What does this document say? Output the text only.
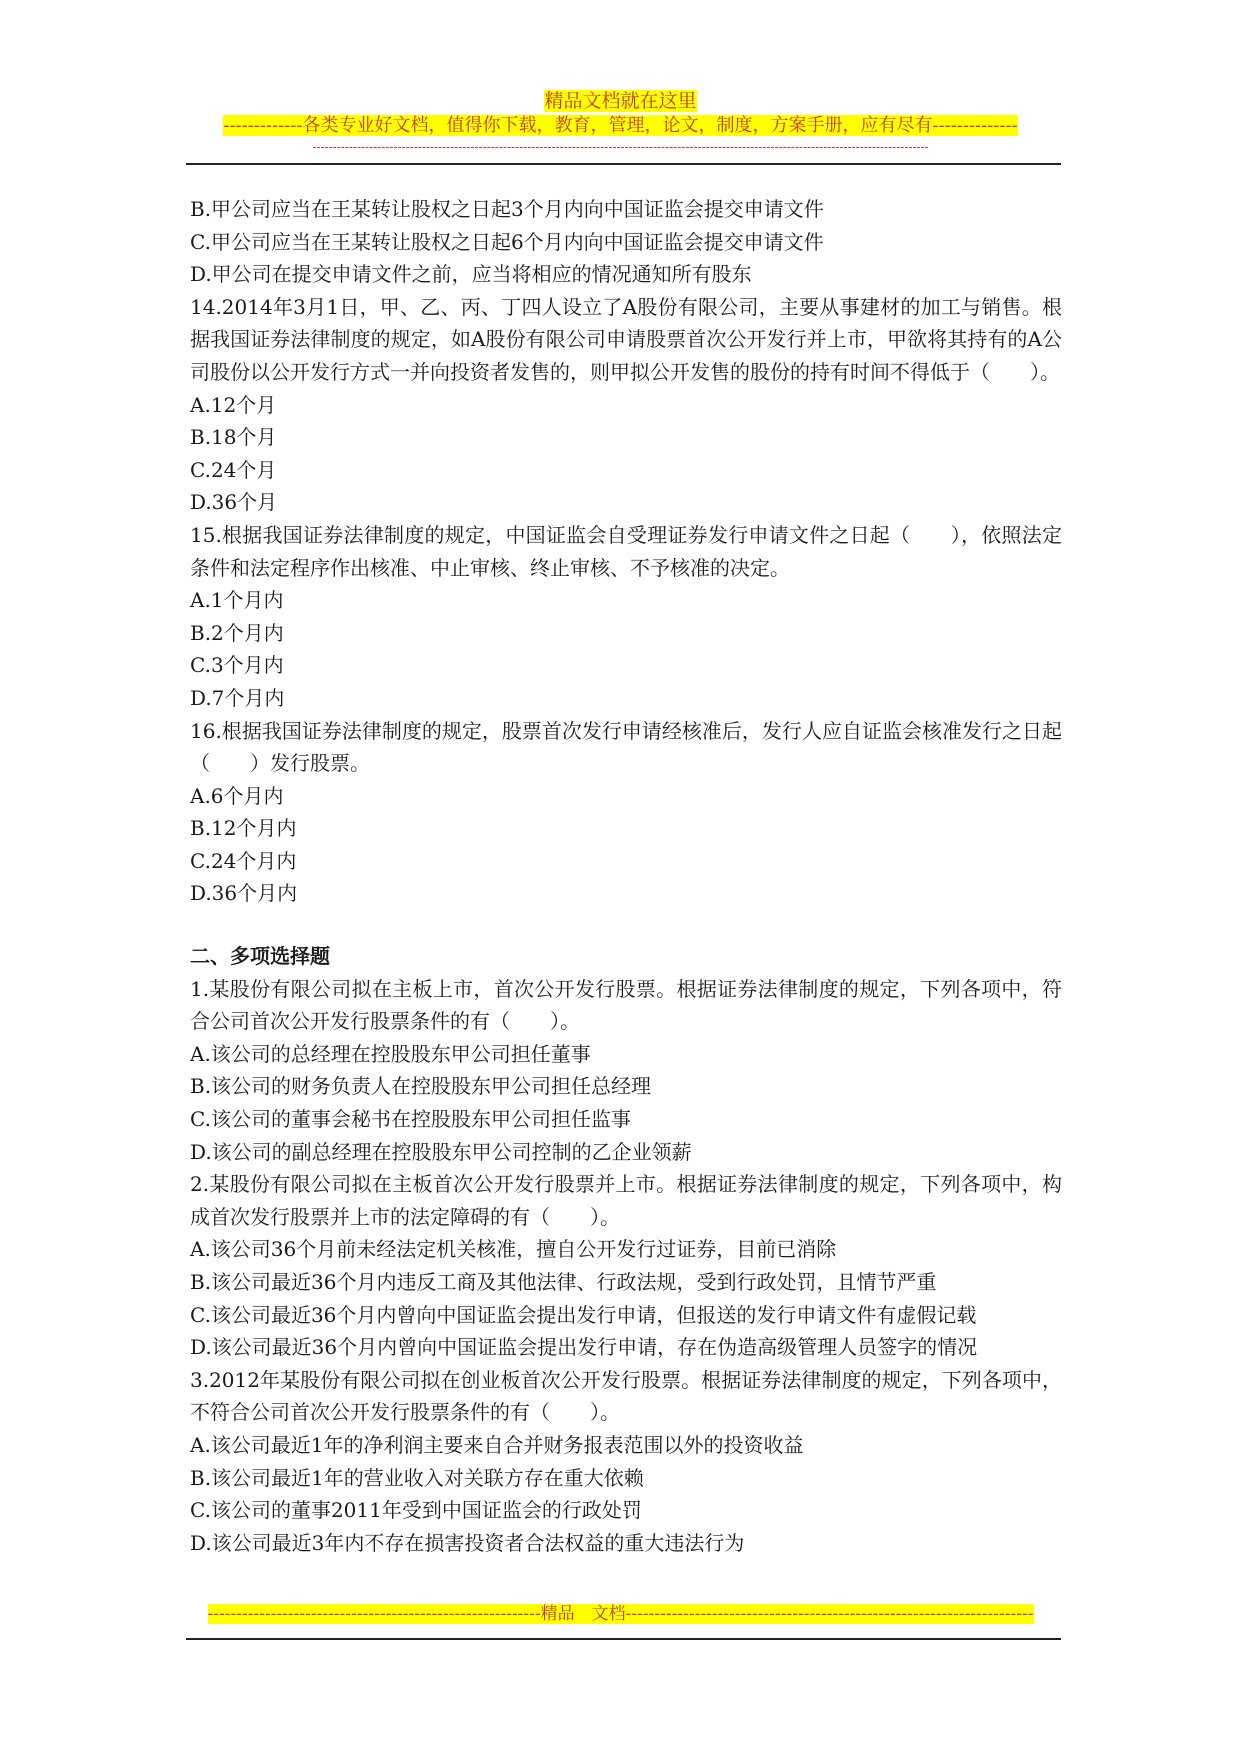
精品文档就在这里
-------------各类专业好文档，值得你下载，教育，管理，论文，制度，方案手册，应有尽有--------------
--------------------------------------------------------------------------------------------------------------------------------------------------------

B.甲公司应当在王某转让股权之日起3个月内向中国证监会提交申请文件

C.甲公司应当在王某转让股权之日起6个月内向中国证监会提交申请文件

D.甲公司在提交申请文件之前，应当将相应的情况通知所有股东

14.2014年3月1日，甲、乙、丙、丁四人设立了A股份有限公司，主要从事建材的加工与销售。根据我国证券法律制度的规定，如A股份有限公司申请股票首次公开发行并上市，甲欲将其持有的A公司股份以公开发行方式一并向投资者发售的，则甲拟公开发售的股份的持有时间不得低于（　　）。

A.12个月

B.18个月

C.24个月

D.36个月

15.根据我国证券法律制度的规定，中国证监会自受理证券发行申请文件之日起（　　），依照法定条件和法定程序作出核准、中止审核、终止审核、不予核准的决定。

A.1个月内

B.2个月内

C.3个月内

D.7个月内

16.根据我国证券法律制度的规定，股票首次发行申请经核准后，发行人应自证监会核准发行之日起（　　）发行股票。

A.6个月内

B.12个月内

C.24个月内

D.36个月内

二、多项选择题

1.某股份有限公司拟在主板上市，首次公开发行股票。根据证券法律制度的规定，下列各项中，符合公司首次公开发行股票条件的有（　　）。

A.该公司的总经理在控股股东甲公司担任董事

B.该公司的财务负责人在控股股东甲公司担任总经理

C.该公司的董事会秘书在控股股东甲公司担任监事

D.该公司的副总经理在控股股东甲公司控制的乙企业领薪

2.某股份有限公司拟在主板首次公开发行股票并上市。根据证券法律制度的规定，下列各项中，构成首次发行股票并上市的法定障碍的有（　　）。

A.该公司36个月前未经法定机关核准，擅自公开发行过证券，目前已消除

B.该公司最近36个月内违反工商及其他法律、行政法规，受到行政处罚，且情节严重

C.该公司最近36个月内曾向中国证监会提出发行申请，但报送的发行申请文件有虚假记载

D.该公司最近36个月内曾向中国证监会提出发行申请，存在伪造高级管理人员签字的情况

3.2012年某股份有限公司拟在创业板首次公开发行股票。根据证券法律制度的规定，下列各项中，不符合公司首次公开发行股票条件的有（　　）。

A.该公司最近1年的净利润主要来自合并财务报表范围以外的投资收益

B.该公司最近1年的营业收入对关联方存在重大依赖

C.该公司的董事2011年受到中国证监会的行政处罚

D.该公司最近3年内不存在损害投资者合法权益的重大违法行为

----------------------------------------------------------精品　文档-----------------------------------------------------------------------
